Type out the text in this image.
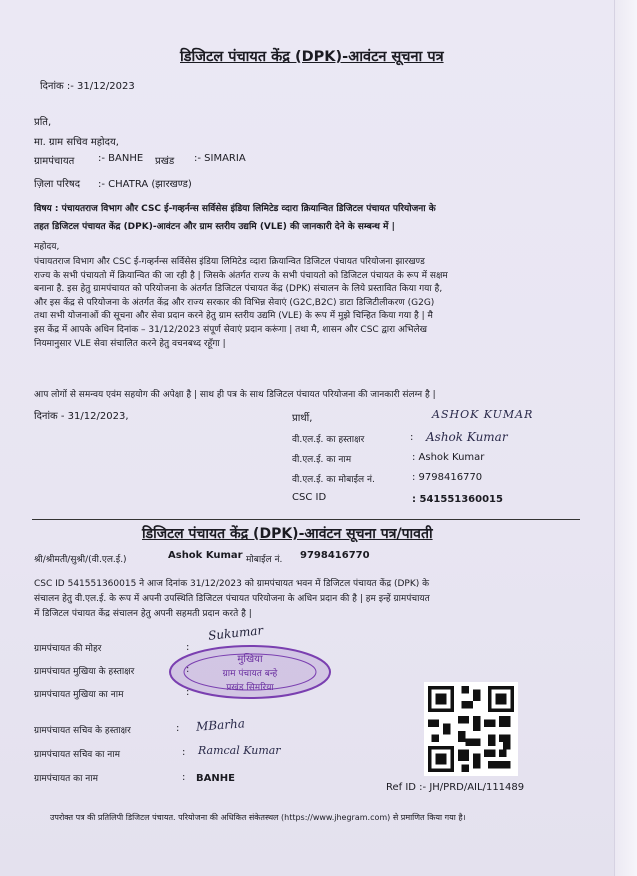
डिजिटल पंचायत केंद्र (DPK)-आवंटन सूचना पत्र
दिनांक :- 31/12/2023
प्रति,
मा. ग्राम सचिव महोदय,
ग्रामपंचायत :- BANHE प्रखंड :- SIMARIA
ज़िला परिषद :- CHATRA (झारखण्ड)
विषय : पंचायतराज विभाग और CSC ई-गव्हर्नन्स सर्विसेस इंडिया लिमिटेड व्दारा क्रियान्वित डिजिटल पंचायत परियोजना के
तहत डिजिटल पंचायत केंद्र (DPK)-आवंटन और ग्राम स्तरीय उद्यमि (VLE) की जानकारी देने के सम्बन्ध में |
महोदय,
पंचायतराज विभाग और CSC ई-गव्हर्नन्स सर्विसेस इंडिया लिमिटेड व्दारा क्रियान्वित डिजिटल पंचायत परियोजना झारखण्ड
राज्य के सभी पंचायतो में क्रियान्वित की जा रही है | जिसके अंतर्गत राज्य के सभी पंचायतो को डिजिटल पंचायत के रूप में सक्षम
बनाना है. इस हेतु ग्रामपंचायत को परियोजना के अंतर्गत डिजिटल पंचायत केंद्र (DPK) संचालन के लिये प्रस्तावित किया गया है,
और इस केंद्र से परियोजना के अंतर्गत केंद्र और राज्य सरकार की विभिन्न सेवाएं (G2C,B2C) डाटा डिजिटीलीकरण (G2G)
तथा सभी योजनाओं की सूचना और सेवा प्रदान करने हेतु ग्राम स्तरीय उद्यमि (VLE) के रूप में मुझे चिन्हित किया गया है | मै
इस केंद्र में आपके अधिन दिनांक – 31/12/2023 संपूर्ण सेवाएं प्रदान करूंगा | तथा मै, शासन और CSC द्वारा अभिलेख
नियमानुसार VLE सेवा संचालित करने हेतु वचनबध्द रहूँगा |
आप लोगों से समन्वय एवंम सहयोग की अपेक्षा है | साथ ही पत्र के साथ डिजिटल पंचायत परियोजना की जानकारी संलग्न है |
दिनांक - 31/12/2023,	प्रार्थी,	ASHOK KUMAR
वी.एल.ई. का हस्ताक्षर	: Ashok Kumar
वी.एल.ई. का नाम	: Ashok Kumar
वी.एल.ई. का मोबाईल नं.	: 9798416770
CSC ID	: 541551360015
डिजिटल पंचायत केंद्र (DPK)-आवंटन सूचना पत्र/पावती
श्री/श्रीमती/सुश्री/(वी.एल.ई.)	Ashok Kumar मोबाईल नं. 9798416770
CSC ID 541551360015 ने आज दिनांक 31/12/2023 को ग्रामपंचायत भवन में डिजिटल पंचायत केंद्र (DPK) के
संचालन हेतु वी.एल.ई. के रूप में अपनी उपस्थिति डिजिटल पंचायत परियोजना के अधिन प्रदान की है | हम इन्हें ग्रामपंचायत
में डिजिटल पंचायत केंद्र संचालन हेतु अपनी सहमती प्रदान करते है |
ग्रामपंचायत की मोहर	:
ग्रामपंचायत मुखिया के हस्ताक्षर
ग्रामपंचायत मुखिया का नाम	:
मुखिया
ग्राम पंचायत बन्हे
प्रखंड सिमरिया
Sukumar
ग्रामपंचायत सचिव के हस्ताक्षर	: MBarha
ग्रामपंचायत सचिव का नाम	: Ramcal Kumar
ग्रामपंचायत का नाम	: BANHE
Ref ID :- JH/PRD/AIL/111489
उपरोक्त पत्र की प्रतिलिपी डिजिटल पंचायत. परियोजना की अधिकित संकेतस्थल (https://www.jhegram.com) से प्रमाणित किया गया है।
